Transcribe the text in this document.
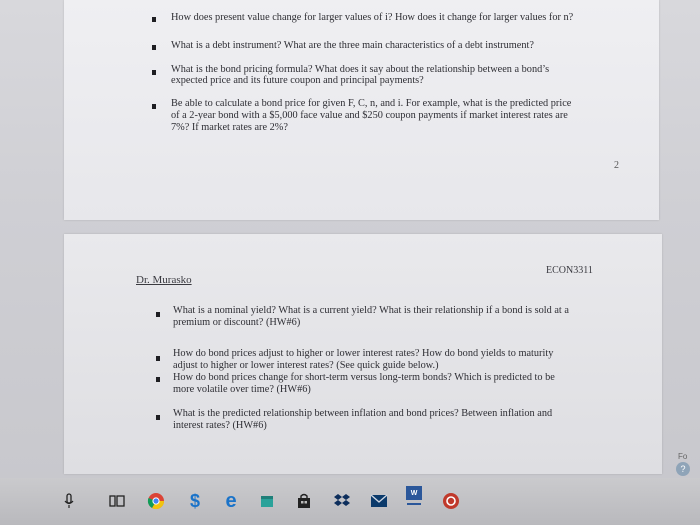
How does present value change for larger values of i? How does it change for larger values for n?
What is a debt instrument? What are the three main characteristics of a debt instrument?
What is the bond pricing formula? What does it say about the relationship between a bond’s
expected price and its future coupon and principal payments?
Be able to calculate a bond price for given F, C, n, and i. For example, what is the predicted price
of a 2-year bond with a $5,000 face value and $250 coupon payments if market interest rates are
7%? If market rates are 2%?
2
Dr. Murasko
ECON3311
What is a nominal yield? What is a current yield? What is their relationship if a bond is sold at a
premium or discount? (HW#6)
How do bond prices adjust to higher or lower interest rates? How do bond yields to maturity
adjust to higher or lower interest rates? (See quick guide below.)
How do bond prices change for short-term versus long-term bonds? Which is predicted to be
more volatile over time? (HW#6)
What is the predicted relationship between inflation and bond prices? Between inflation and
interest rates? (HW#6)
Fo
?
$ e	W
